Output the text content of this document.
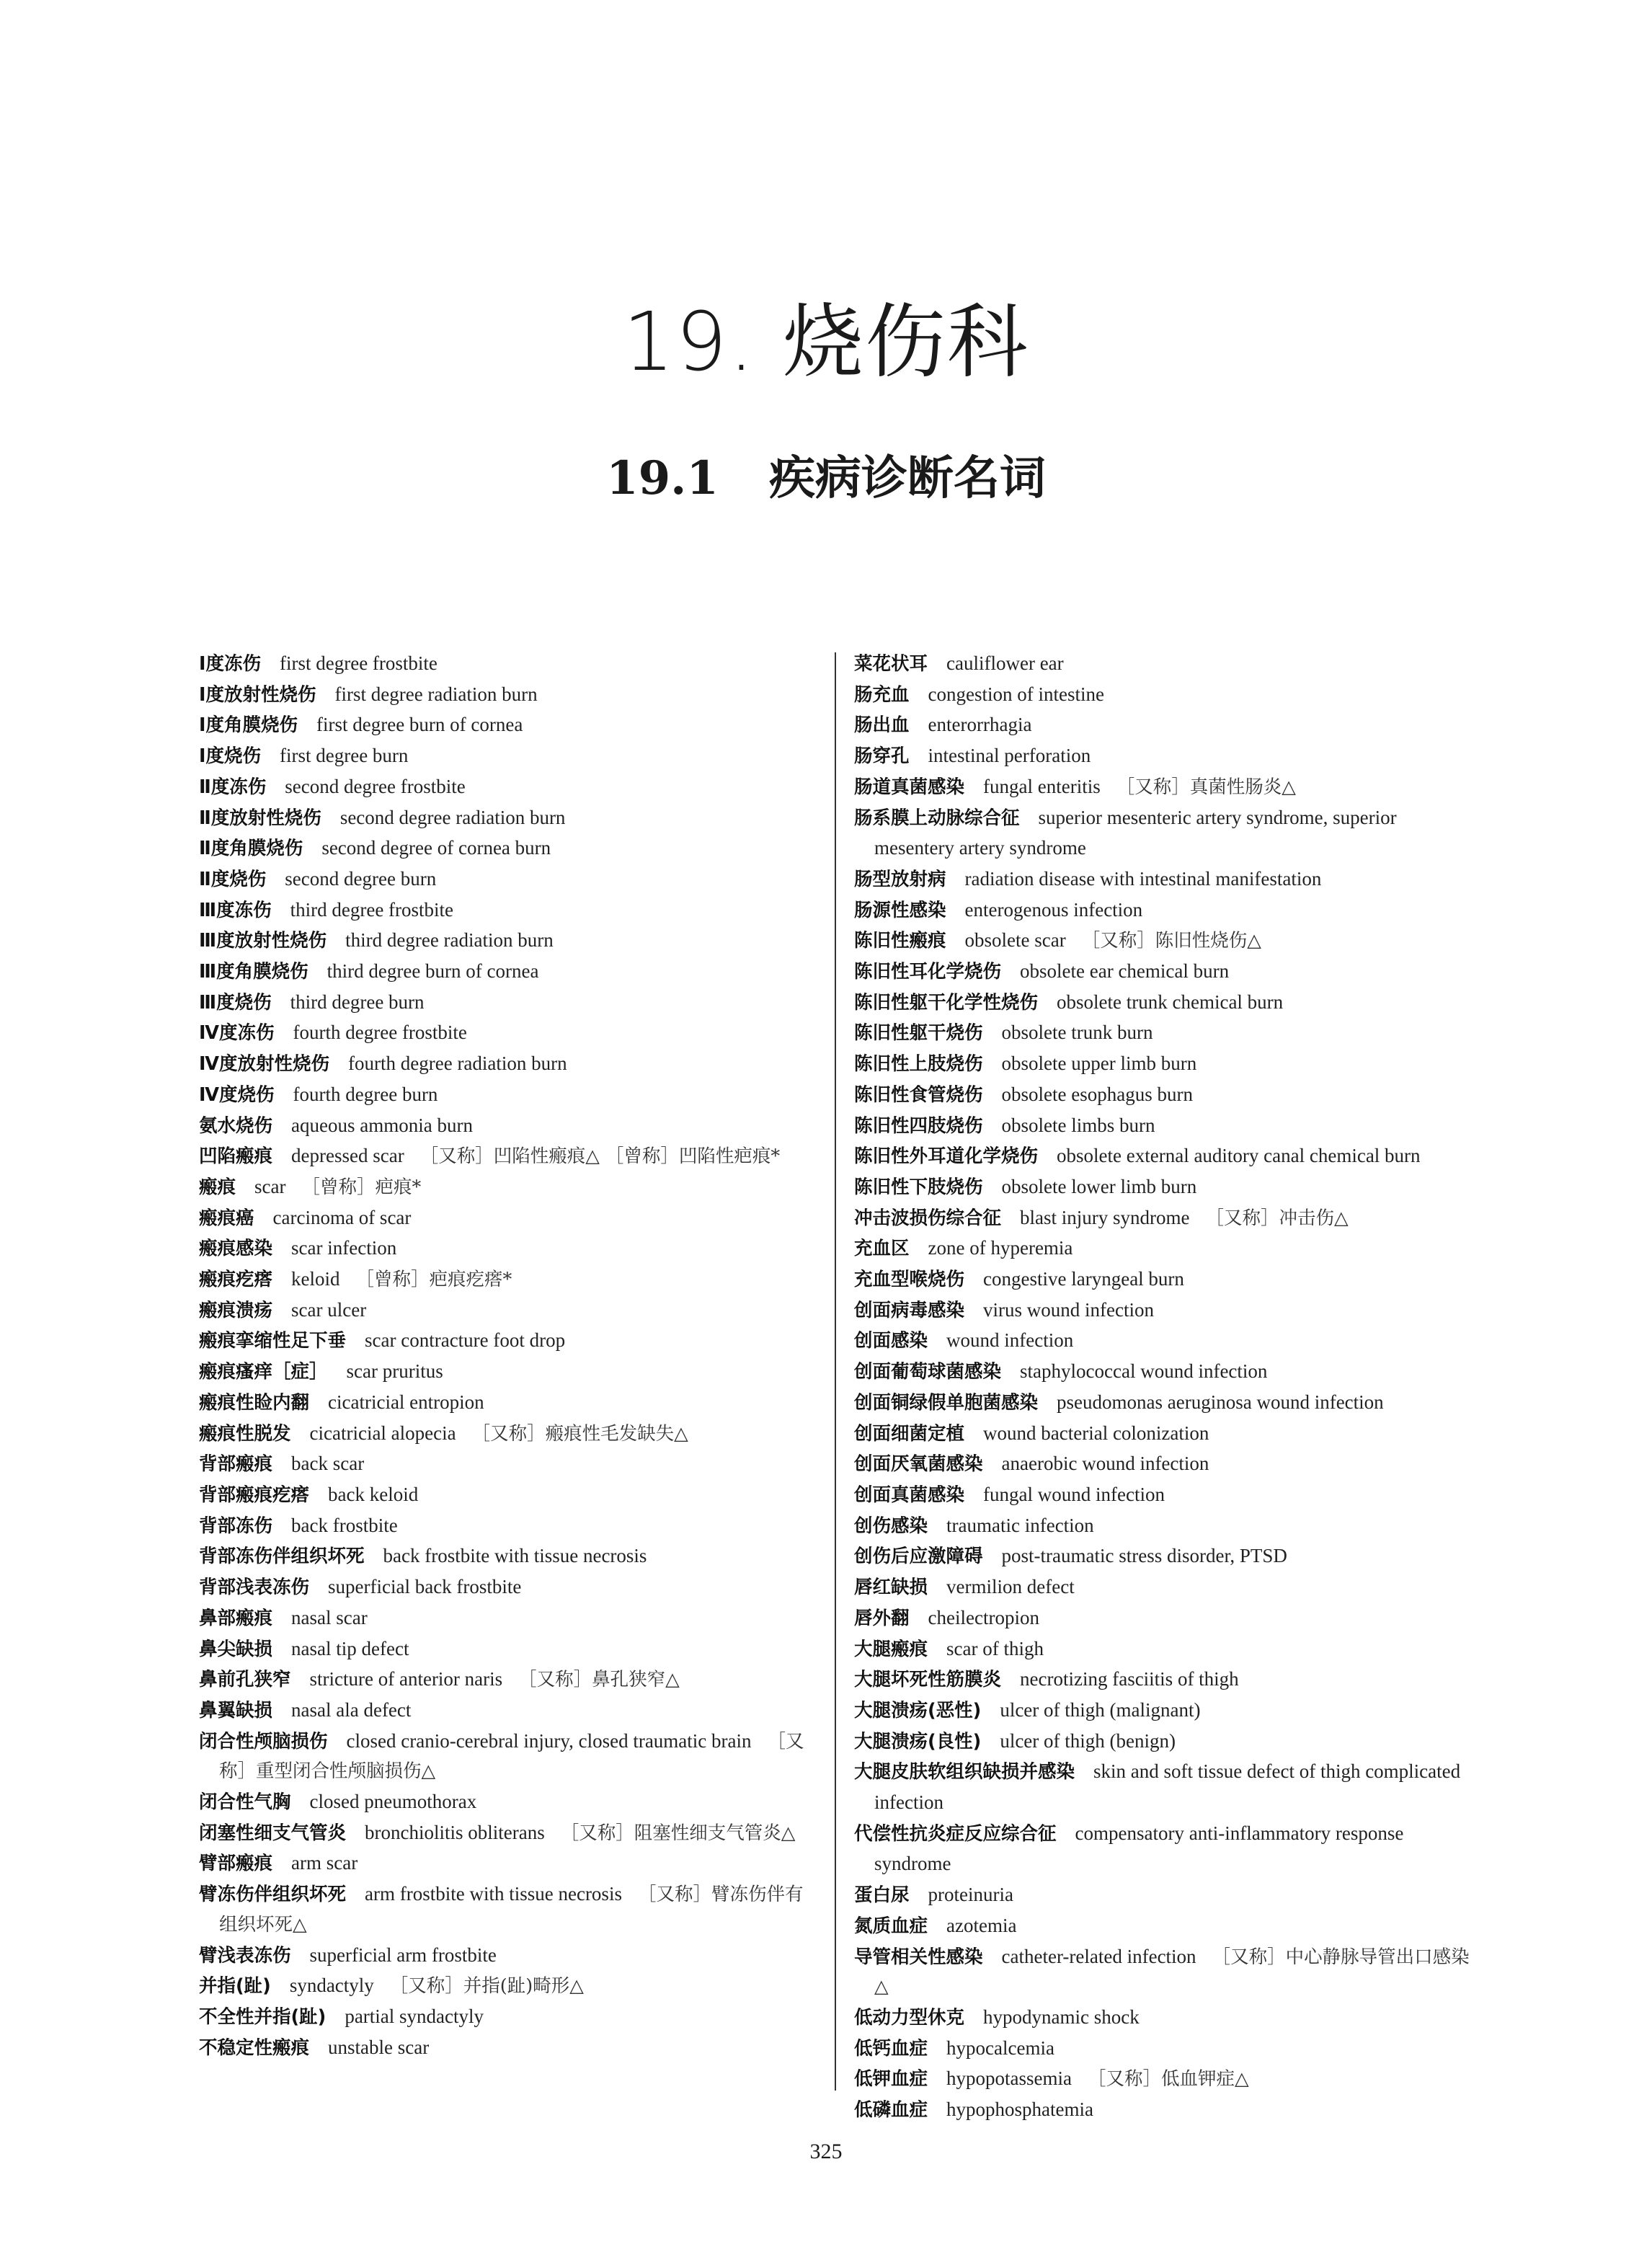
19. 烧伤科
19.1 疾病诊断名词

Ⅰ度冻伤 first degree frostbite

Ⅰ度放射性烧伤 first degree radiation burn

Ⅰ度角膜烧伤 first degree burn of cornea

Ⅰ度烧伤 first degree burn

Ⅱ度冻伤 second degree frostbite

Ⅱ度放射性烧伤 second degree radiation burn

Ⅱ度角膜烧伤 second degree of cornea burn

Ⅱ度烧伤 second degree burn

Ⅲ度冻伤 third degree frostbite

Ⅲ度放射性烧伤 third degree radiation burn

Ⅲ度角膜烧伤 third degree burn of cornea

Ⅲ度烧伤 third degree burn

Ⅳ度冻伤 fourth degree frostbite

Ⅳ度放射性烧伤 fourth degree radiation burn

Ⅳ度烧伤 fourth degree burn

氨水烧伤 aqueous ammonia burn

凹陷瘢痕 depressed scar ［又称］凹陷性瘢痕△ ［曾称］凹陷性疤痕*

瘢痕 scar ［曾称］疤痕*

瘢痕癌 carcinoma of scar

瘢痕感染 scar infection

瘢痕疙瘩 keloid ［曾称］疤痕疙瘩*

瘢痕溃疡 scar ulcer

瘢痕挛缩性足下垂 scar contracture foot drop

瘢痕瘙痒［症］ scar pruritus

瘢痕性睑内翻 cicatricial entropion

瘢痕性脱发 cicatricial alopecia ［又称］瘢痕性毛发缺失△

背部瘢痕 back scar

背部瘢痕疙瘩 back keloid

背部冻伤 back frostbite

背部冻伤伴组织坏死 back frostbite with tissue necrosis

背部浅表冻伤 superficial back frostbite

鼻部瘢痕 nasal scar

鼻尖缺损 nasal tip defect

鼻前孔狭窄 stricture of anterior naris ［又称］鼻孔狭窄△

鼻翼缺损 nasal ala defect

闭合性颅脑损伤 closed cranio-cerebral injury, closed traumatic brain ［又称］重型闭合性颅脑损伤△

闭合性气胸 closed pneumothorax

闭塞性细支气管炎 bronchiolitis obliterans ［又称］阻塞性细支气管炎△

臂部瘢痕 arm scar

臂冻伤伴组织坏死 arm frostbite with tissue necrosis ［又称］臂冻伤伴有组织坏死△

臂浅表冻伤 superficial arm frostbite

并指(趾) syndactyly ［又称］并指(趾)畸形△

不全性并指(趾) partial syndactyly

不稳定性瘢痕 unstable scar

菜花状耳 cauliflower ear

肠充血 congestion of intestine

肠出血 enterorrhagia

肠穿孔 intestinal perforation

肠道真菌感染 fungal enteritis ［又称］真菌性肠炎△

肠系膜上动脉综合征 superior mesenteric artery syndrome, superior mesentery artery syndrome

肠型放射病 radiation disease with intestinal manifestation

肠源性感染 enterogenous infection

陈旧性瘢痕 obsolete scar ［又称］陈旧性烧伤△

陈旧性耳化学烧伤 obsolete ear chemical burn

陈旧性躯干化学性烧伤 obsolete trunk chemical burn

陈旧性躯干烧伤 obsolete trunk burn

陈旧性上肢烧伤 obsolete upper limb burn

陈旧性食管烧伤 obsolete esophagus burn

陈旧性四肢烧伤 obsolete limbs burn

陈旧性外耳道化学烧伤 obsolete external auditory canal chemical burn

陈旧性下肢烧伤 obsolete lower limb burn

冲击波损伤综合征 blast injury syndrome ［又称］冲击伤△

充血区 zone of hyperemia

充血型喉烧伤 congestive laryngeal burn

创面病毒感染 virus wound infection

创面感染 wound infection

创面葡萄球菌感染 staphylococcal wound infection

创面铜绿假单胞菌感染 pseudomonas aeruginosa wound infection

创面细菌定植 wound bacterial colonization

创面厌氧菌感染 anaerobic wound infection

创面真菌感染 fungal wound infection

创伤感染 traumatic infection

创伤后应激障碍 post-traumatic stress disorder, PTSD

唇红缺损 vermilion defect

唇外翻 cheilectropion

大腿瘢痕 scar of thigh

大腿坏死性筋膜炎 necrotizing fasciitis of thigh

大腿溃疡(恶性) ulcer of thigh (malignant)

大腿溃疡(良性) ulcer of thigh (benign)

大腿皮肤软组织缺损并感染 skin and soft tissue defect of thigh complicated infection

代偿性抗炎症反应综合征 compensatory anti-inflammatory response syndrome

蛋白尿 proteinuria

氮质血症 azotemia

导管相关性感染 catheter-related infection ［又称］中心静脉导管出口感染△

低动力型休克 hypodynamic shock

低钙血症 hypocalcemia

低钾血症 hypopotassemia ［又称］低血钾症△

低磷血症 hypophosphatemia

325
